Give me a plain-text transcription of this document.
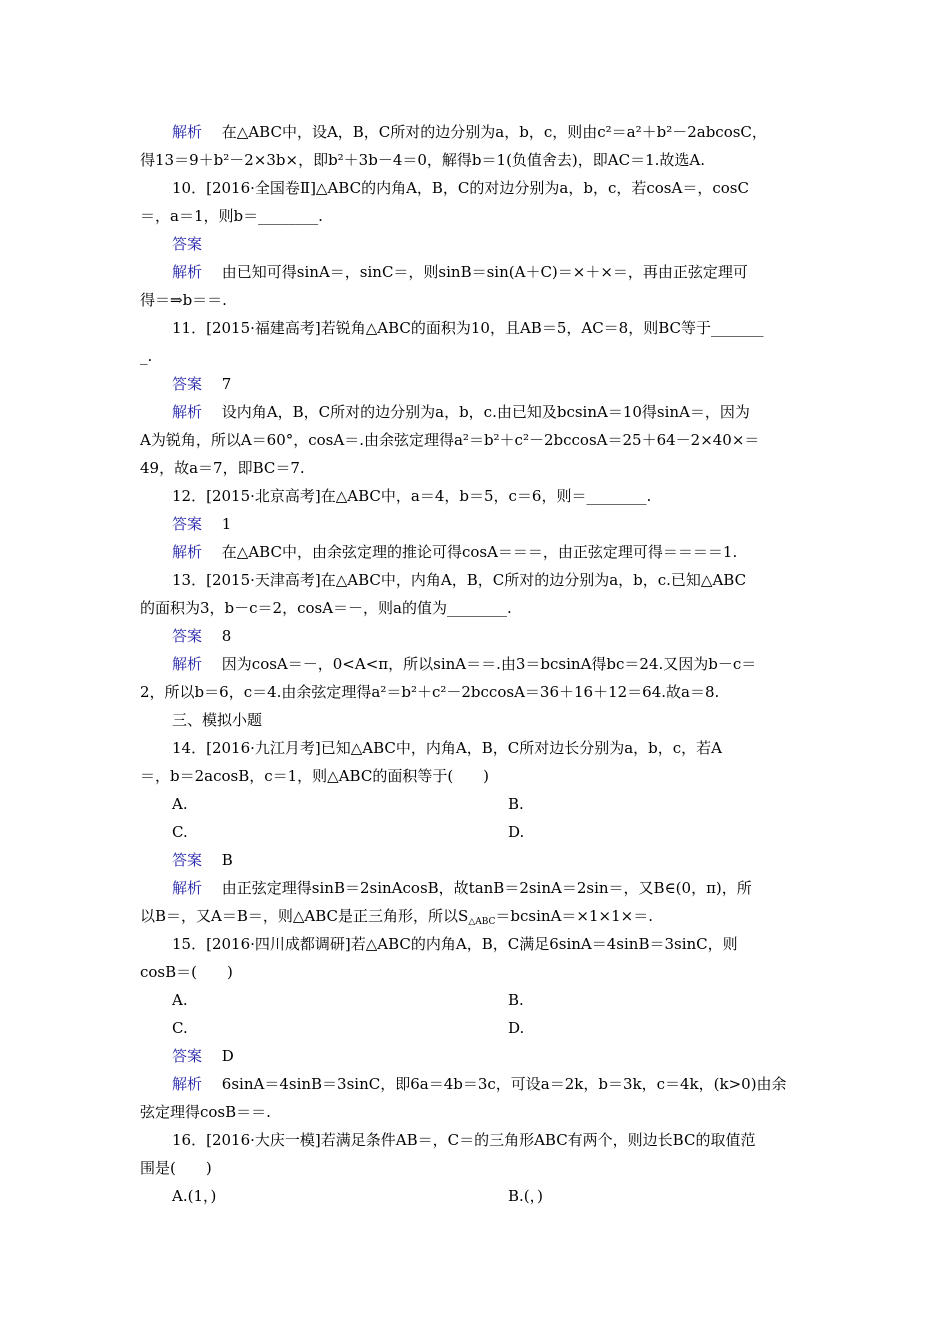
解析　 在△ABC中，设A，B，C所对的边分别为a，b，c，则由c²＝a²＋b²－2abcosC，
得13＝9＋b²－2×3b×，即b²＋3b－4＝0，解得b＝1(负值舍去)，即AC＝1.故选A.
10．[2016·全国卷Ⅱ]△ABC的内角A，B，C的对边分别为a，b，c，若cosA＝，cosC
＝，a＝1，则b＝________.
答案
解析　 由已知可得sinA＝，sinC＝，则sinB＝sin(A＋C)＝×＋×＝，再由正弦定理可
得＝⇒b＝＝.
11．[2015·福建高考]若锐角△ABC的面积为10，且AB＝5，AC＝8，则BC等于_______
_.
答案　 7
解析　 设内角A，B，C所对的边分别为a，b，c.由已知及bcsinA＝10得sinA＝，因为
A为锐角，所以A＝60°，cosA＝.由余弦定理得a²＝b²＋c²－2bccosA＝25＋64－2×40×＝
49，故a＝7，即BC＝7.
12．[2015·北京高考]在△ABC中，a＝4，b＝5，c＝6，则＝________.
答案　 1
解析　 在△ABC中，由余弦定理的推论可得cosA＝＝＝，由正弦定理可得＝＝＝＝1.
13．[2015·天津高考]在△ABC中，内角A，B，C所对的边分别为a，b，c.已知△ABC
的面积为3，b－c＝2，cosA＝－，则a的值为________.
答案　 8
解析　 因为cosA＝－，0<A<π，所以sinA＝＝.由3＝bcsinA得bc＝24.又因为b－c＝
2，所以b＝6，c＝4.由余弦定理得a²＝b²＋c²－2bccosA＝36＋16＋12＝64.故a＝8.
三、模拟小题
14．[2016·九江月考]已知△ABC中，内角A，B，C所对边长分别为a，b，c，若A
＝，b＝2acosB，c＝1，则△ABC的面积等于(　　)
A.	B.
C.	D.
答案　 B
解析　 由正弦定理得sinB＝2sinAcosB，故tanB＝2sinA＝2sin＝，又B∈(0，π)，所
以B＝，又A＝B＝，则△ABC是正三角形，所以$S_{\triangle ABC}=bcsinA=\times 1\times 1\times=$.
15．[2016·四川成都调研]若△ABC的内角A，B，C满足6sinA＝4sinB＝3sinC，则
cosB＝(　　)
A.	B.
C.	D.
答案　 D
解析　 6sinA＝4sinB＝3sinC，即6a＝4b＝3c，可设a＝2k，b＝3k，c＝4k，(k>0)由余
弦定理得cosB＝＝.
16．[2016·大庆一模]若满足条件AB＝，C＝的三角形ABC有两个，则边长BC的取值范
围是(　　)
A.(1，)	B.(，)
